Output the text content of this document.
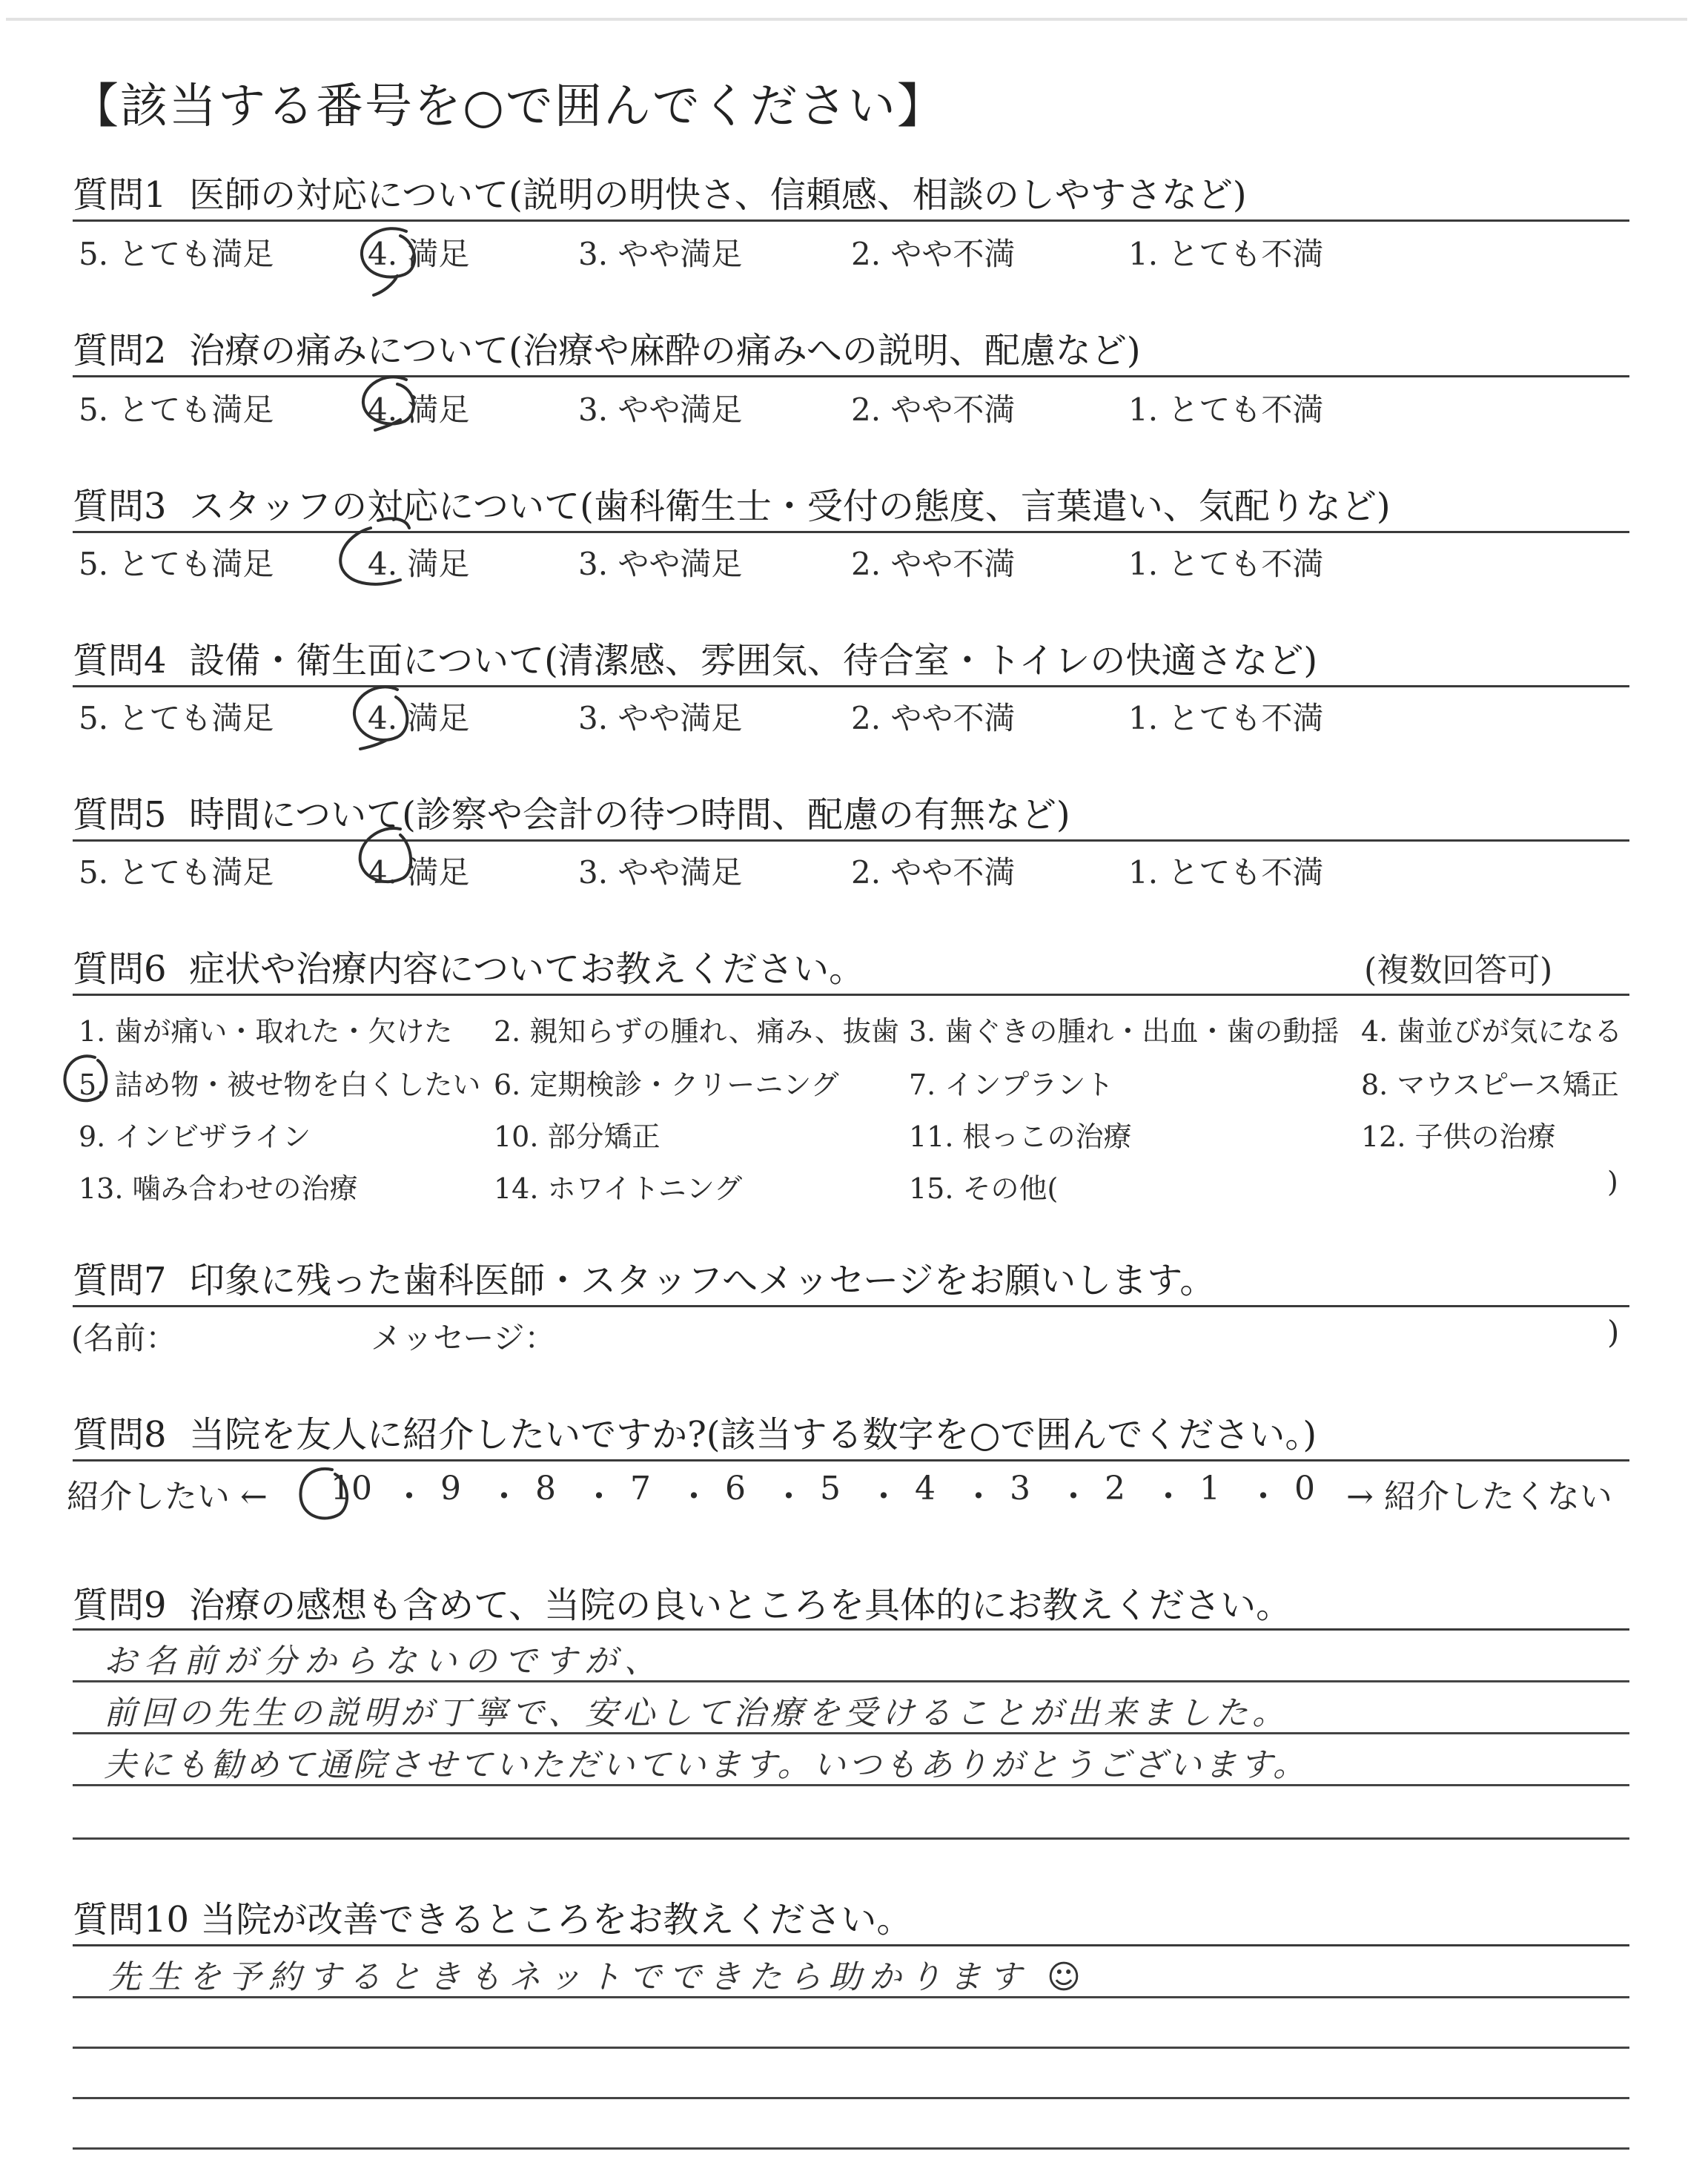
【該当する番号を○で囲んでください】
質問1 医師の対応について(説明の明快さ、信頼感、相談のしやすさなど)
5. とても満足	4. 満足	3. やや満足	2. やや不満	1. とても不満
質問2 治療の痛みについて(治療や麻酔の痛みへの説明、配慮など)
5. とても満足	4. 満足	3. やや満足	2. やや不満	1. とても不満
質問3 スタッフの対応について(歯科衛生士・受付の態度、言葉遣い、気配りなど)
5. とても満足	4. 満足	3. やや満足	2. やや不満	1. とても不満
質問4 設備・衛生面について(清潔感、雰囲気、待合室・トイレの快適さなど)
5. とても満足	4. 満足	3. やや満足	2. やや不満	1. とても不満
質問5 時間について(診察や会計の待つ時間、配慮の有無など)
5. とても満足	4. 満足	3. やや満足	2. やや不満	1. とても不満
質問6 症状や治療内容についてお教えください。	(複数回答可)
1. 歯が痛い・取れた・欠けた 2. 親知らずの腫れ、痛み、抜歯 3. 歯ぐきの腫れ・出血・歯の動揺 4. 歯並びが気になる
5. 詰め物・被せ物を白くしたい 6. 定期検診・クリーニング 7. インプラント	8. マウスピース矯正
9. インビザライン	10. 部分矯正	11. 根っこの治療	12. 子供の治療
13. 噛み合わせの治療	14. ホワイトニング	15. その他(	)
質問7 印象に残った歯科医師・スタッフへメッセージをお願いします。
(名前：	メッセージ：	)
質問8 当院を友人に紹介したいですか?(該当する数字を○で囲んでください。)
紹介したい ← 10 ・ 9 ・ 8 ・ 7 ・ 6 ・ 5 ・ 4 ・ 3 ・ 2 ・ 1 ・ 0 → 紹介したくない
質問9 治療の感想も含めて、当院の良いところを具体的にお教えください。
お名前が分からないのですが、
前回の先生の説明が丁寧で、安心して治療を受けることが出来ました。
夫にも勧めて通院させていただいています。いつもありがとうございます。
質問10 当院が改善できるところをお教えください。
先生を予約するときもネットでできたら助かります ☺
